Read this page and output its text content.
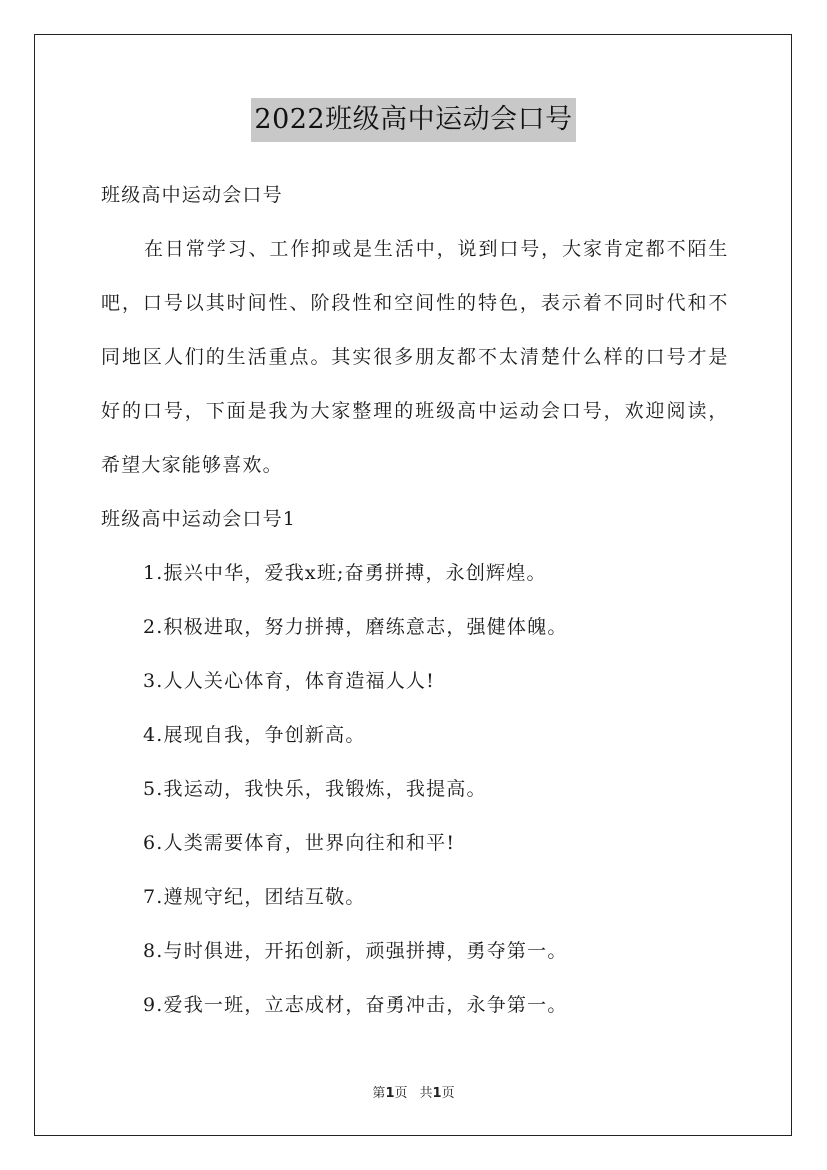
2022班级高中运动会口号
班级高中运动会口号
在日常学习、工作抑或是生活中，说到口号，大家肯定都不陌生
吧，口号以其时间性、阶段性和空间性的特色，表示着不同时代和不
同地区人们的生活重点。其实很多朋友都不太清楚什么样的口号才是
好的口号，下面是我为大家整理的班级高中运动会口号，欢迎阅读，
希望大家能够喜欢。
班级高中运动会口号1
1.振兴中华，爱我x班;奋勇拼搏，永创辉煌。
2.积极进取，努力拼搏，磨练意志，强健体魄。
3.人人关心体育，体育造福人人!
4.展现自我，争创新高。
5.我运动，我快乐，我锻炼，我提高。
6.人类需要体育，世界向往和和平!
7.遵规守纪，团结互敬。
8.与时俱进，开拓创新，顽强拼搏，勇夺第一。
9.爱我一班，立志成材，奋勇冲击，永争第一。
第1页 共1页
